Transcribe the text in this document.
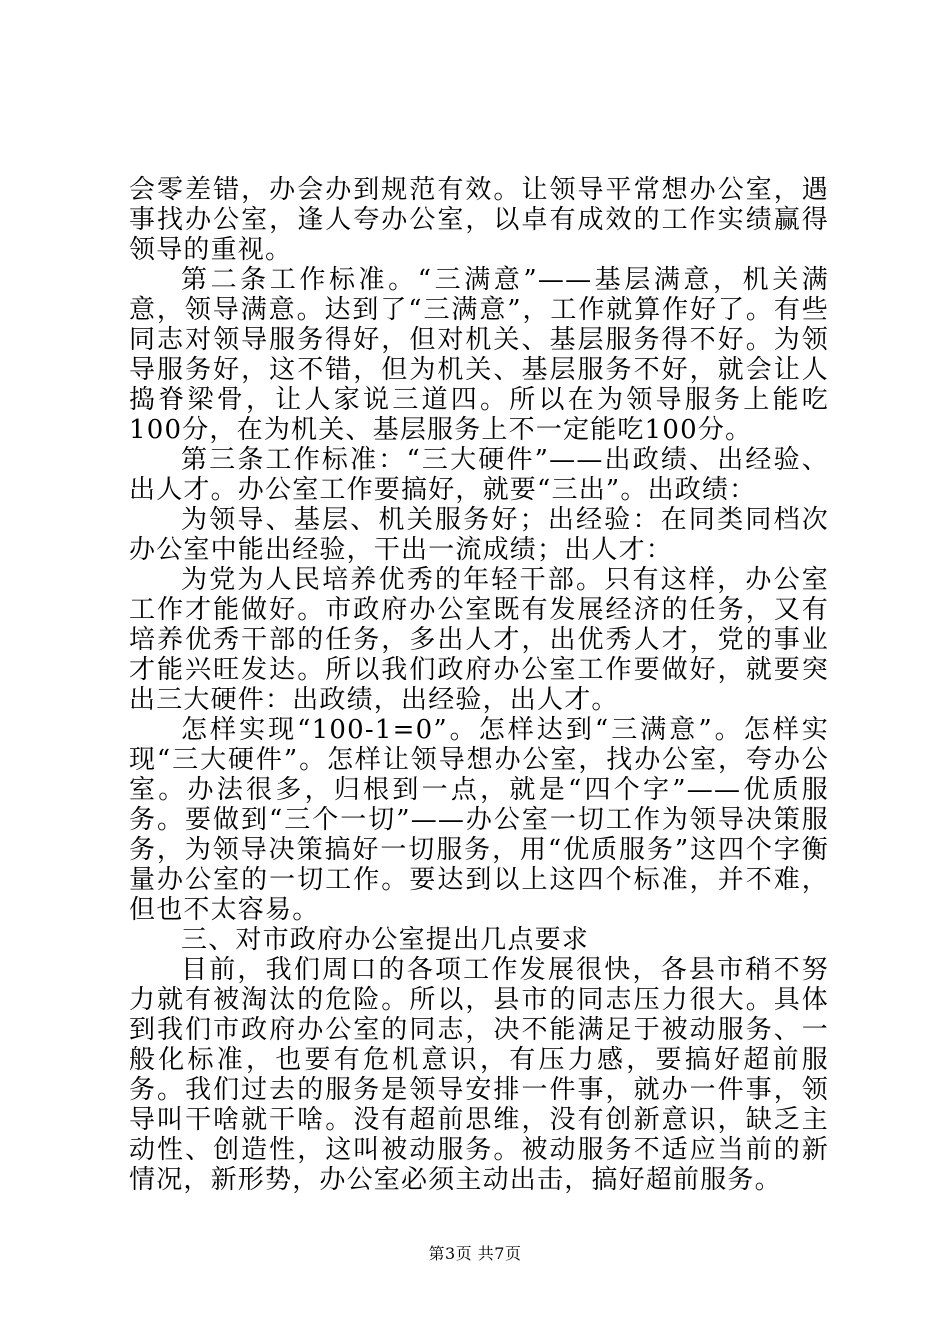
会零差错，办会办到规范有效。让领导平常想办公室，遇事找办公室，逢人夸办公室，以卓有成效的工作实绩赢得领导的重视。

第二条工作标准。“三满意”——基层满意，机关满意，领导满意。达到了“三满意”，工作就算作好了。有些同志对领导服务得好，但对机关、基层服务得不好。为领导服务好，这不错，但为机关、基层服务不好，就会让人捣脊梁骨，让人家说三道四。所以在为领导服务上能吃100分，在为机关、基层服务上不一定能吃100分。

第三条工作标准：“三大硬件”——出政绩、出经验、出人才。办公室工作要搞好，就要“三出”。出政绩：

为领导、基层、机关服务好；出经验：在同类同档次办公室中能出经验，干出一流成绩；出人才：

为党为人民培养优秀的年轻干部。只有这样，办公室工作才能做好。市政府办公室既有发展经济的任务，又有培养优秀干部的任务，多出人才，出优秀人才，党的事业才能兴旺发达。所以我们政府办公室工作要做好，就要突出三大硬件：出政绩，出经验，出人才。

怎样实现“100-1=0”。怎样达到“三满意”。怎样实现“三大硬件”。怎样让领导想办公室，找办公室，夸办公室。办法很多，归根到一点，就是“四个字”——优质服务。要做到“三个一切”——办公室一切工作为领导决策服务，为领导决策搞好一切服务，用“优质服务”这四个字衡量办公室的一切工作。要达到以上这四个标准，并不难，但也不太容易。

三、对市政府办公室提出几点要求

目前，我们周口的各项工作发展很快，各县市稍不努力就有被淘汰的危险。所以，县市的同志压力很大。具体到我们市政府办公室的同志，决不能满足于被动服务、一般化标准，也要有危机意识，有压力感，要搞好超前服务。我们过去的服务是领导安排一件事，就办一件事，领导叫干啥就干啥。没有超前思维，没有创新意识，缺乏主动性、创造性，这叫被动服务。被动服务不适应当前的新情况，新形势，办公室必须主动出击，搞好超前服务。

第3页 共7页
